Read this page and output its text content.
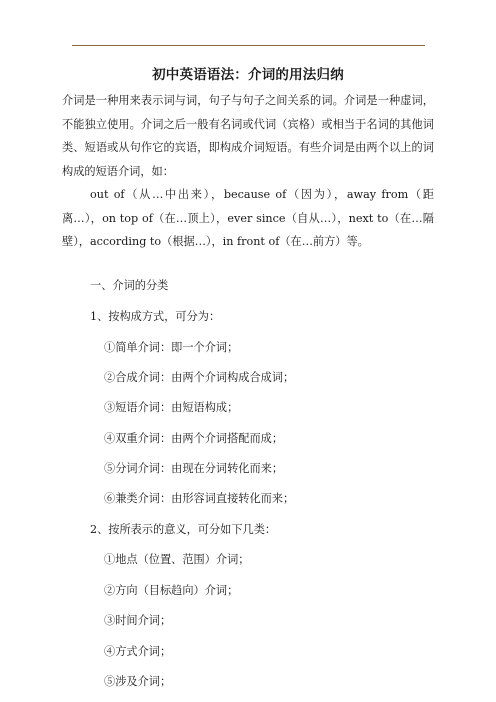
初中英语语法：介词的用法归纳
介词是一种用来表示词与词，句子与句子之间关系的词。介词是一种虚词，不能独立使用。介词之后一般有名词或代词（宾格）或相当于名词的其他词类、短语或从句作它的宾语，即构成介词短语。有些介词是由两个以上的词构成的短语介词，如：
out of（从…中出来），because of（因为），away from（距离…），on top of（在…顶上），ever since（自从…），next to（在…隔壁），according to（根据…），in front of（在…前方）等。
一、介词的分类
1、按构成方式，可分为：
①简单介词：即一个介词；
②合成介词：由两个介词构成合成词；
③短语介词：由短语构成；
④双重介词：由两个介词搭配而成；
⑤分词介词：由现在分词转化而来；
⑥兼类介词：由形容词直接转化而来；
2、按所表示的意义，可分如下几类：
①地点（位置、范围）介词；
②方向（目标趋向）介词；
③时间介词；
④方式介词；
⑤涉及介词；
